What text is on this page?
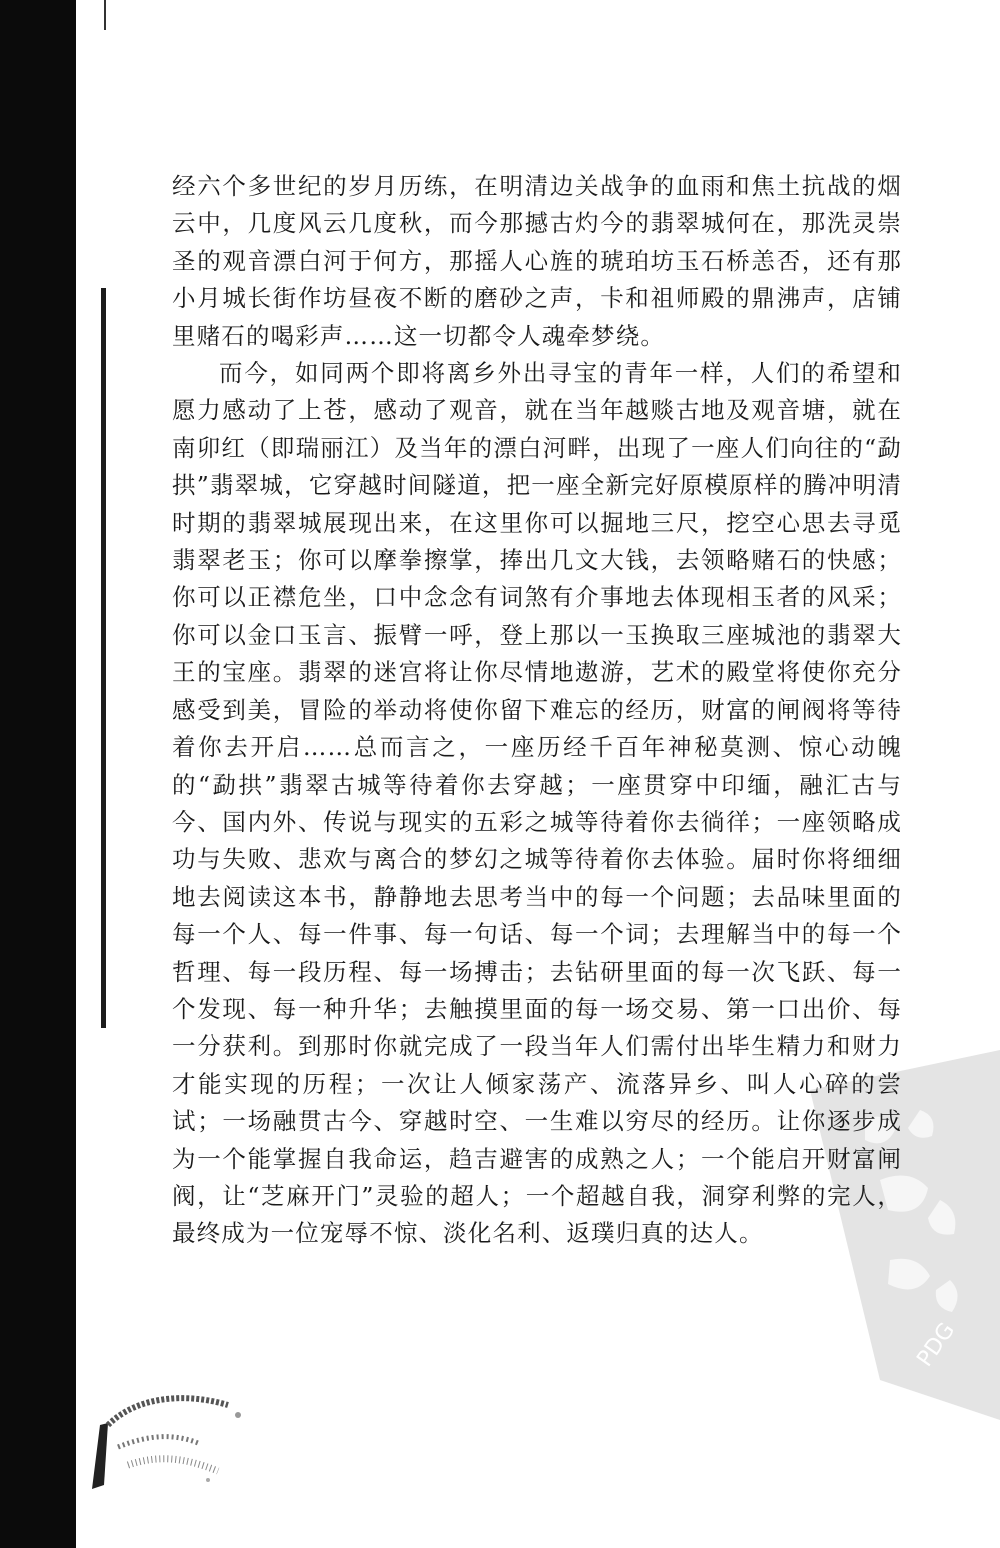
PDG

经六个多世纪的岁月历练，在明清边关战争的血雨和焦土抗战的烟云中，几度风云几度秋，而今那撼古灼今的翡翠城何在，那洗灵崇圣的观音漂白河于何方，那摇人心旌的琥珀坊玉石桥恙否，还有那小月城长街作坊昼夜不断的磨砂之声，卡和祖师殿的鼎沸声，店铺里赌石的喝彩声……这一切都令人魂牵梦绕。

而今，如同两个即将离乡外出寻宝的青年一样，人们的希望和愿力感动了上苍，感动了观音，就在当年越赕古地及观音塘，就在南卯红（即瑞丽江）及当年的漂白河畔，出现了一座人们向往的“勐拱”翡翠城，它穿越时间隧道，把一座全新完好原模原样的腾冲明清时期的翡翠城展现出来，在这里你可以掘地三尺，挖空心思去寻觅翡翠老玉；你可以摩拳擦掌，捧出几文大钱，去领略赌石的快感；你可以正襟危坐，口中念念有词煞有介事地去体现相玉者的风采；你可以金口玉言、振臂一呼，登上那以一玉换取三座城池的翡翠大王的宝座。翡翠的迷宫将让你尽情地遨游，艺术的殿堂将使你充分感受到美，冒险的举动将使你留下难忘的经历，财富的闸阀将等待着你去开启……总而言之，一座历经千百年神秘莫测、惊心动魄的“勐拱”翡翠古城等待着你去穿越；一座贯穿中印缅，融汇古与今、国内外、传说与现实的五彩之城等待着你去徜徉；一座领略成功与失败、悲欢与离合的梦幻之城等待着你去体验。届时你将细细地去阅读这本书，静静地去思考当中的每一个问题；去品味里面的每一个人、每一件事、每一句话、每一个词；去理解当中的每一个哲理、每一段历程、每一场搏击；去钻研里面的每一次飞跃、每一个发现、每一种升华；去触摸里面的每一场交易、第一口出价、每一分获利。到那时你就完成了一段当年人们需付出毕生精力和财力才能实现的历程；一次让人倾家荡产、流落异乡、叫人心碎的尝试；一场融贯古今、穿越时空、一生难以穷尽的经历。让你逐步成为一个能掌握自我命运，趋吉避害的成熟之人；一个能启开财富闸阀，让“芝麻开门”灵验的超人；一个超越自我，洞穿利弊的完人，最终成为一位宠辱不惊、淡化名利、返璞归真的达人。
